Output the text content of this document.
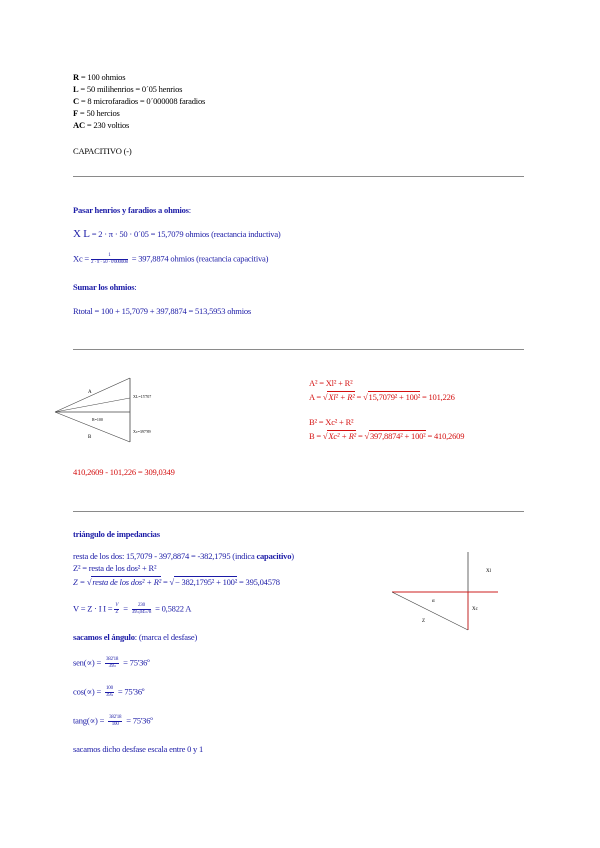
R = 100 ohmios
L = 50 milihenrios = 0´05 henrios
C = 8 microfaradios = 0´000008 faradios
F = 50 hercios
AC = 230 voltios
CAPACITIVO (-)
Pasar henrios y faradios a ohmios:
X L = 2 · π · 50 · 0´05 = 15,7079 ohmios (reactancia inductiva)
$Xc = \frac{1}{2 \cdot \pi \cdot 50 \cdot 0'000008} = 397,8874$ ohmios (reactancia capacitiva)
Sumar los ohmios:
Rtotal = 100 + 15,7079 + 397,8874 = 513,5953 ohmios
A
B
R=100
XL=15'707
Xc=397'89
A² = Xl² + R²
A = √Xl² + R² = √15,7079² + 100² = 101,226
B² = Xc² + R²
B = √Xc² + R² = √397,8874² + 100² = 410,2609
410,2609 - 101,226 = 309,0349
triángulo de impedancias
resta de los dos: 15,7079 - 397,8874 = -382,1795 (indica capacitivo)
Z² = resta de los dos² + R²
Z = √resta de los dos² + R² = √− 382,1795² + 100² = 395,04578
V = Z · I $I = \frac{V}{Z} = \frac{230}{395,04578} = 0,5822$ A
sacamos el ángulo: (marca el desfase)
$sen(\propto) = \frac{382'18}{395}$ = 75'36º
$\cos(\propto) = \frac{100}{395}$ = 75'36º
$\tan g(\propto) = \frac{382'18}{100}$ = 75'36º
sacamos dicho desfase escala entre 0 y 1
Xl
Xc
α
Z
